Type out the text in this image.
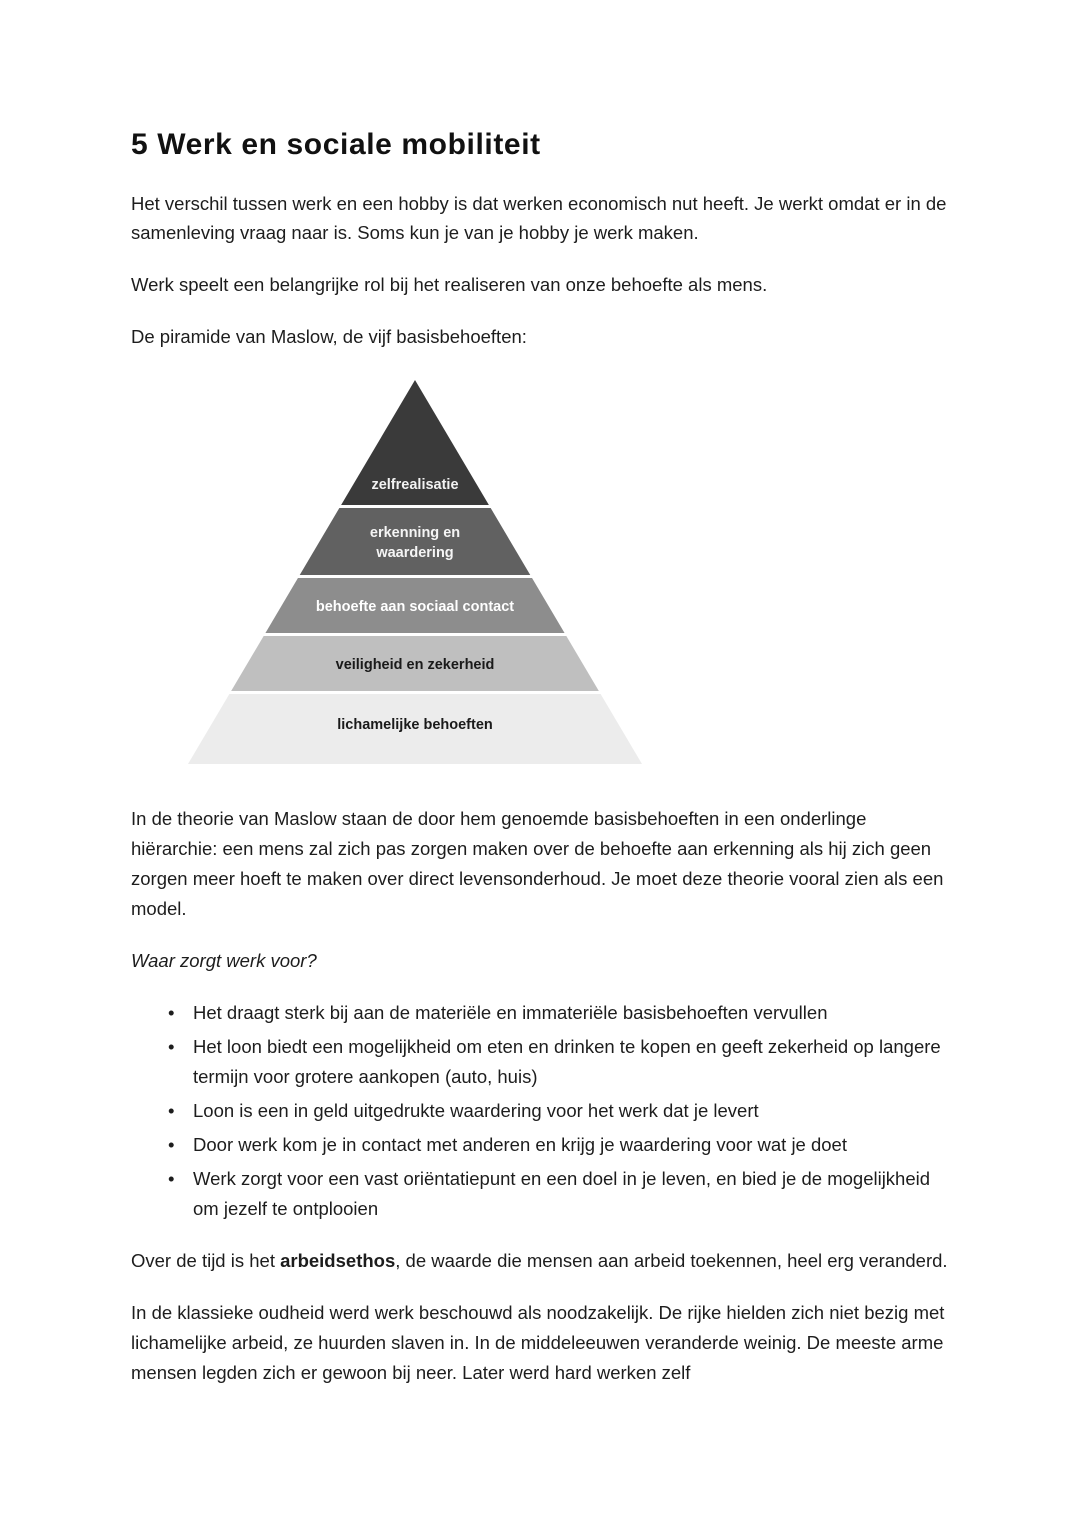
5 Werk en sociale mobiliteit

Het verschil tussen werk en een hobby is dat werken economisch nut heeft. Je werkt omdat er in de samenleving vraag naar is. Soms kun je van je hobby je werk maken.

Werk speelt een belangrijke rol bij het realiseren van onze behoefte als mens.

De piramide van Maslow, de vijf basisbehoeften:

zelfrealisatie
erkenning en
waardering
behoefte aan sociaal contact
veiligheid en zekerheid
lichamelijke behoeften

In de theorie van Maslow staan de door hem genoemde basisbehoeften in een onderlinge hiërarchie: een mens zal zich pas zorgen maken over de behoefte aan erkenning als hij zich geen zorgen meer hoeft te maken over direct levensonderhoud. Je moet deze theorie vooral zien als een model.

Waar zorgt werk voor?

• Het draagt sterk bij aan de materiële en immateriële basisbehoeften vervullen
• Het loon biedt een mogelijkheid om eten en drinken te kopen en geeft zekerheid op langere termijn voor grotere aankopen (auto, huis)
• Loon is een in geld uitgedrukte waardering voor het werk dat je levert
• Door werk kom je in contact met anderen en krijg je waardering voor wat je doet
• Werk zorgt voor een vast oriëntatiepunt en een doel in je leven, en bied je de mogelijkheid om jezelf te ontplooien

Over de tijd is het arbeidsethos, de waarde die mensen aan arbeid toekennen, heel erg veranderd.

In de klassieke oudheid werd werk beschouwd als noodzakelijk. De rijke hielden zich niet bezig met lichamelijke arbeid, ze huurden slaven in. In de middeleeuwen veranderde weinig. De meeste arme mensen legden zich er gewoon bij neer. Later werd hard werken zelf
